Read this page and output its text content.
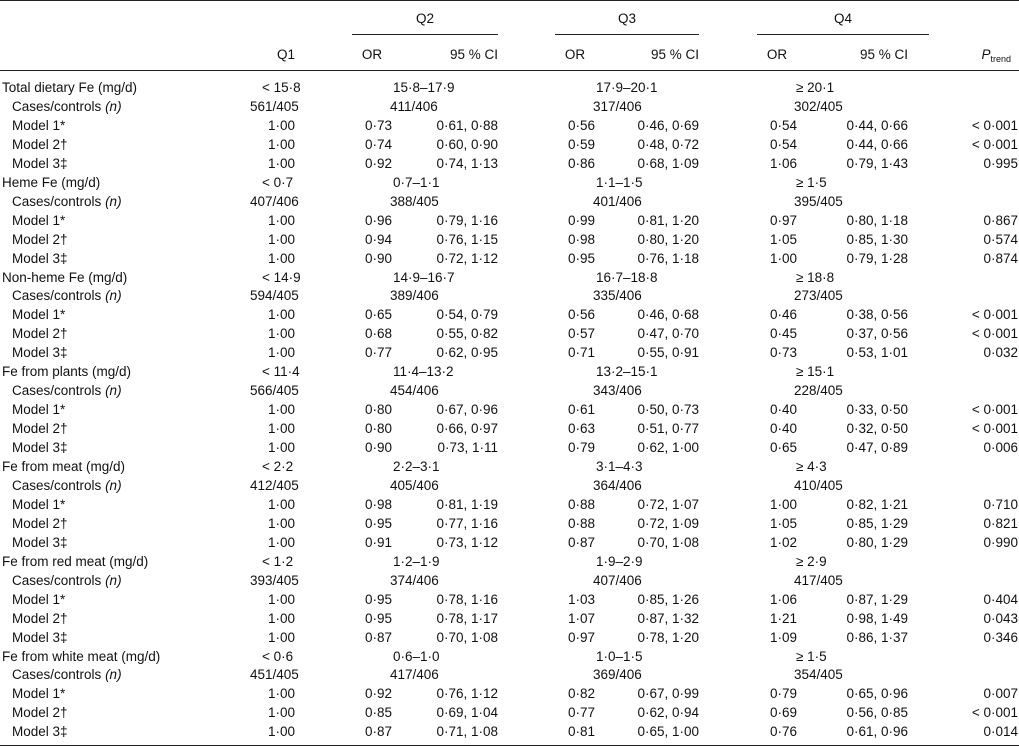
Q2	Q3	Q4
Q1	OR	95 % CI	OR	95 % CI	OR	95 % CI	$P_{trend}$
Total dietary Fe (mg/d)	< 15·8	15·8–17·9	17·9–20·1	≥ 20·1
Cases/controls (n)	561/405	411/406	317/406	302/405
Model 1*	1·00	0·73	0·61, 0·88	0·56	0·46, 0·69	0·54	0·44, 0·66	< 0·001
Model 2†	1·00	0·74	0·60, 0·90	0·59	0·48, 0·72	0·54	0·44, 0·66	< 0·001
Model 3‡	1·00	0·92	0·74, 1·13	0·86	0·68, 1·09	1·06	0·79, 1·43	0·995
Heme Fe (mg/d)	< 0·7	0·7–1·1	1·1–1·5	≥ 1·5
Cases/controls (n)	407/406	388/405	401/406	395/405
Model 1*	1·00	0·96	0·79, 1·16	0·99	0·81, 1·20	0·97	0·80, 1·18	0·867
Model 2†	1·00	0·94	0·76, 1·15	0·98	0·80, 1·20	1·05	0·85, 1·30	0·574
Model 3‡	1·00	0·90	0·72, 1·12	0·95	0·76, 1·18	1·00	0·79, 1·28	0·874
Non-heme Fe (mg/d)	< 14·9	14·9–16·7	16·7–18·8	≥ 18·8
Cases/controls (n)	594/405	389/406	335/406	273/405
Model 1*	1·00	0·65	0·54, 0·79	0·56	0·46, 0·68	0·46	0·38, 0·56	< 0·001
Model 2†	1·00	0·68	0·55, 0·82	0·57	0·47, 0·70	0·45	0·37, 0·56	< 0·001
Model 3‡	1·00	0·77	0·62, 0·95	0·71	0·55, 0·91	0·73	0·53, 1·01	0·032
Fe from plants (mg/d)	< 11·4	11·4–13·2	13·2–15·1	≥ 15·1
Cases/controls (n)	566/405	454/406	343/406	228/405
Model 1*	1·00	0·80	0·67, 0·96	0·61	0·50, 0·73	0·40	0·33, 0·50	< 0·001
Model 2†	1·00	0·80	0·66, 0·97	0·63	0·51, 0·77	0·40	0·32, 0·50	< 0·001
Model 3‡	1·00	0·90	0·73, 1·11	0·79	0·62, 1·00	0·65	0·47, 0·89	0·006
Fe from meat (mg/d)	< 2·2	2·2–3·1	3·1–4·3	≥ 4·3
Cases/controls (n)	412/405	405/406	364/406	410/405
Model 1*	1·00	0·98	0·81, 1·19	0·88	0·72, 1·07	1·00	0·82, 1·21	0·710
Model 2†	1·00	0·95	0·77, 1·16	0·88	0·72, 1·09	1·05	0·85, 1·29	0·821
Model 3‡	1·00	0·91	0·73, 1·12	0·87	0·70, 1·08	1·02	0·80, 1·29	0·990
Fe from red meat (mg/d)	< 1·2	1·2–1·9	1·9–2·9	≥ 2·9
Cases/controls (n)	393/405	374/406	407/406	417/405
Model 1*	1·00	0·95	0·78, 1·16	1·03	0·85, 1·26	1·06	0·87, 1·29	0·404
Model 2†	1·00	0·95	0·78, 1·17	1·07	0·87, 1·32	1·21	0·98, 1·49	0·043
Model 3‡	1·00	0·87	0·70, 1·08	0·97	0·78, 1·20	1·09	0·86, 1·37	0·346
Fe from white meat (mg/d)	< 0·6	0·6–1·0	1·0–1·5	≥ 1·5
Cases/controls (n)	451/405	417/406	369/406	354/405
Model 1*	1·00	0·92	0·76, 1·12	0·82	0·67, 0·99	0·79	0·65, 0·96	0·007
Model 2†	1·00	0·85	0·69, 1·04	0·77	0·62, 0·94	0·69	0·56, 0·85	< 0·001
Model 3‡	1·00	0·87	0·71, 1·08	0·81	0·65, 1·00	0·76	0·61, 0·96	0·014
